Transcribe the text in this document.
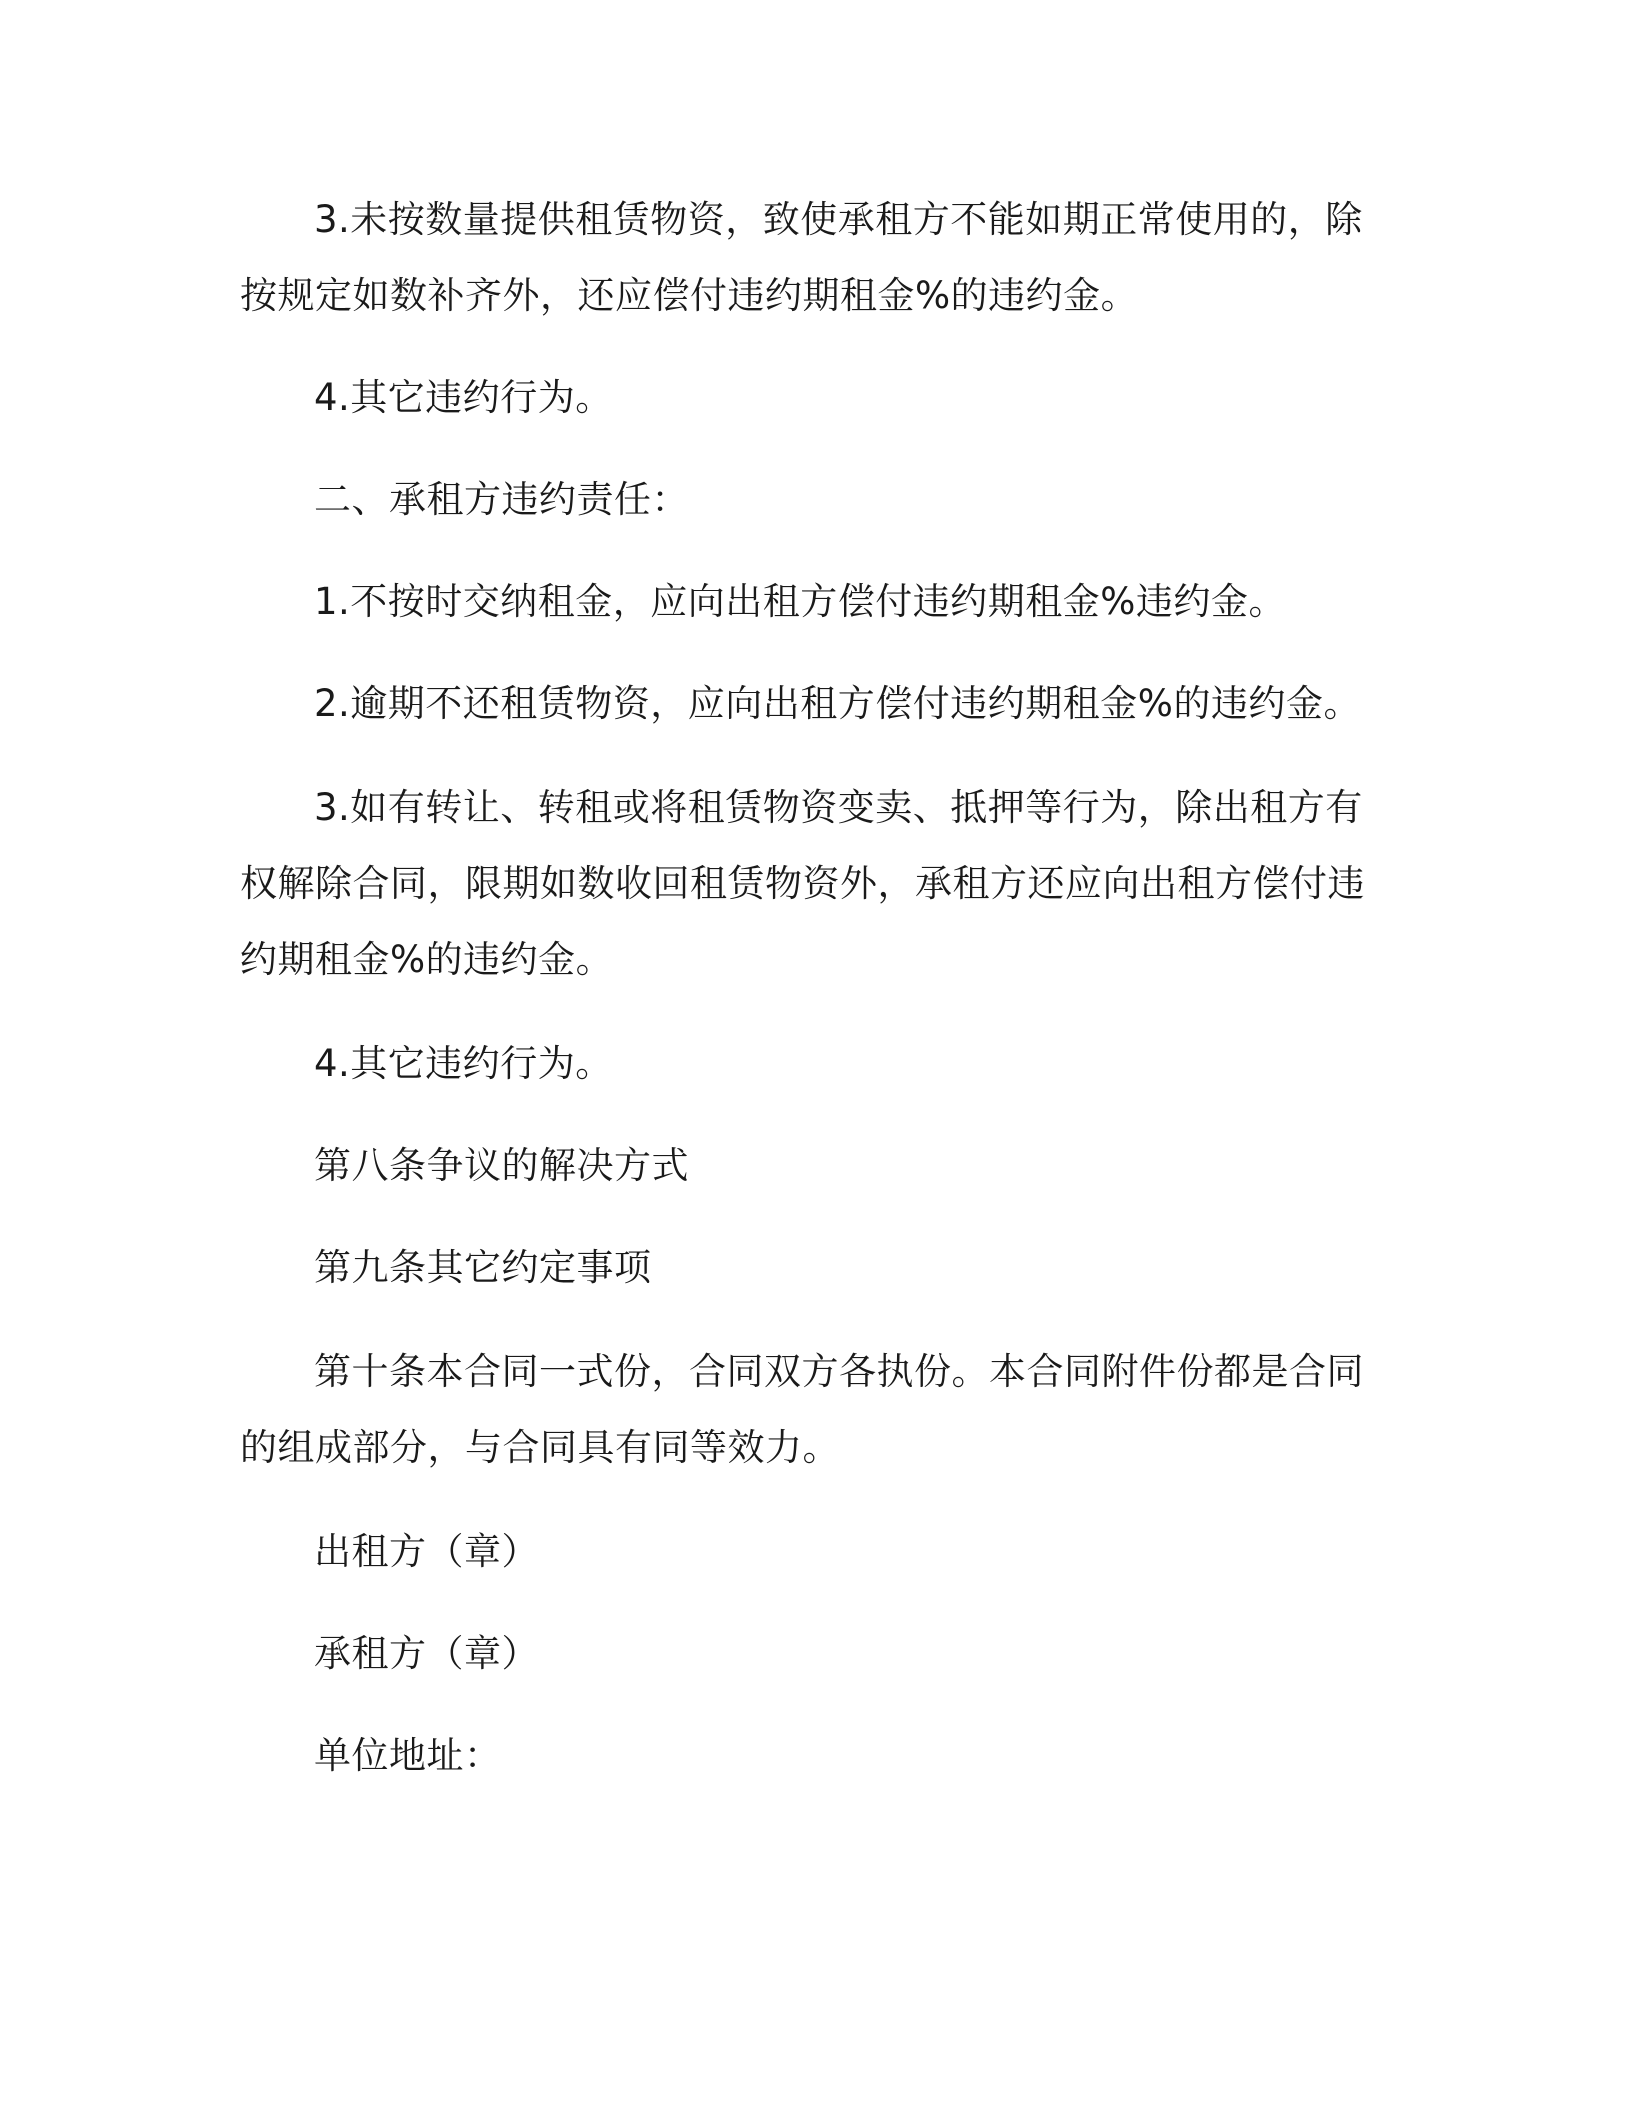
3.未按数量提供租赁物资，致使承租方不能如期正常使用的，除
按规定如数补齐外，还应偿付违约期租金%的违约金。
4.其它违约行为。
二、承租方违约责任：
1.不按时交纳租金，应向出租方偿付违约期租金%违约金。
2.逾期不还租赁物资，应向出租方偿付违约期租金%的违约金。
3.如有转让、转租或将租赁物资变卖、抵押等行为，除出租方有
权解除合同，限期如数收回租赁物资外，承租方还应向出租方偿付违
约期租金%的违约金。
4.其它违约行为。
第八条争议的解决方式
第九条其它约定事项
第十条本合同一式份，合同双方各执份。本合同附件份都是合同
的组成部分，与合同具有同等效力。
出租方（章）
承租方（章）
单位地址：
